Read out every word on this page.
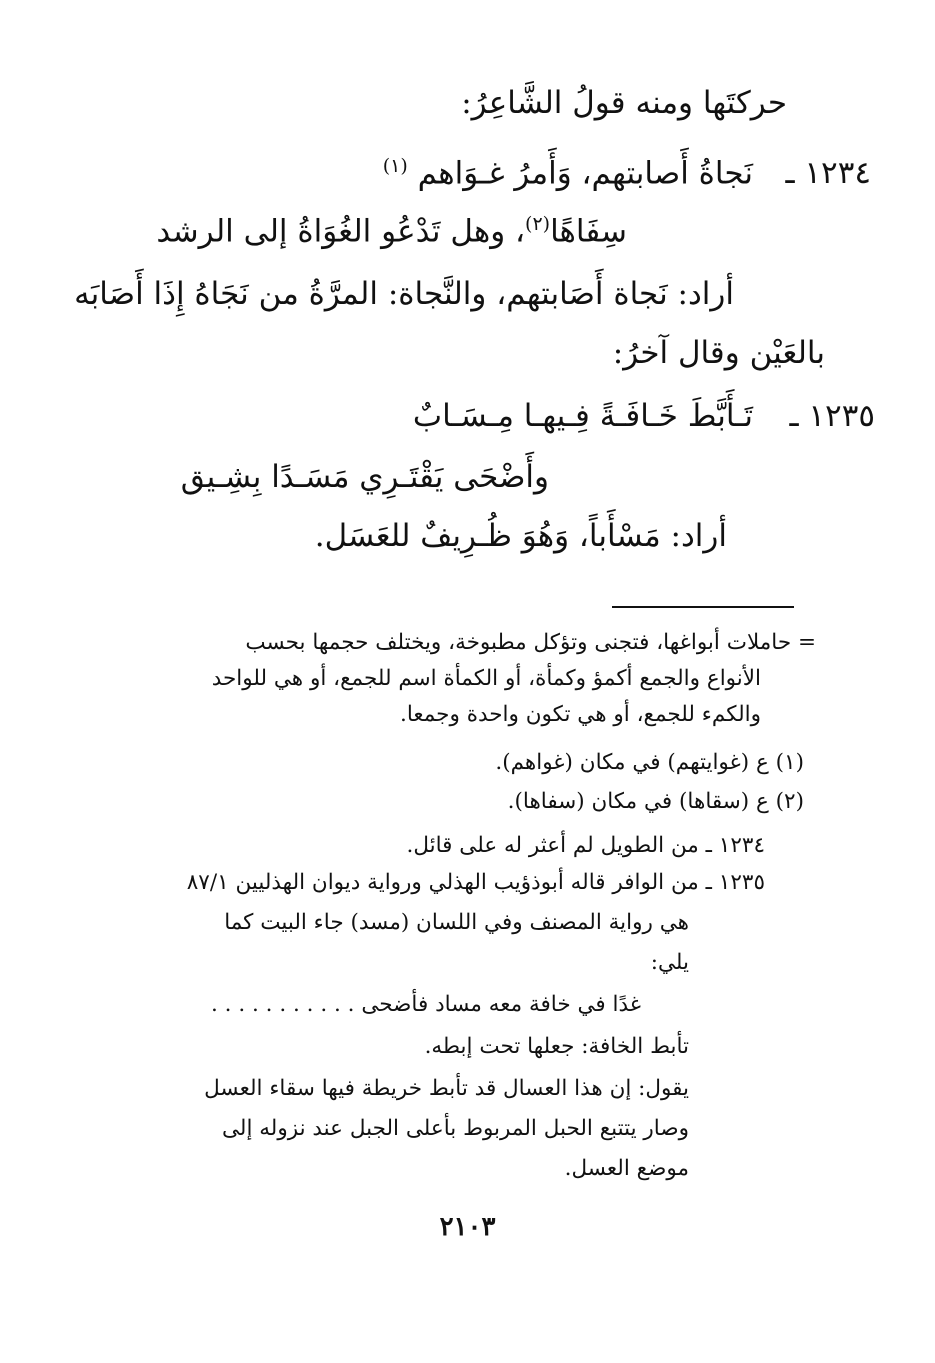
حركتَها ومنه قولُ الشَّاعِرُ:
١٢٣٤ ـ
نَجاةُ أَصابتهم، وَأَمرُ غـوَاهم $^{(١)}$
سِفَاهًا$^{(٢)}$، وهل تَدْعُو الغُوَاةُ إلى الرشد
أراد: نَجاة أَصَابتهم، والنَّجاة: المرَّةُ من نَجَاهُ إِذَا أَصَابَه
بالعَيْن وقال آخرُ:
١٢٣٥ ـ
تَـأَبَّطَ خَـافَـةً فِـيهـا مِـسَـابٌ
وأَضْحَى يَقْتَـرِي مَسَـدًا بِشِـيق
أراد: مَسْأَباً، وَهُوَ ظُـرِيفٌ للعَسَل.
= حاملات أبواغها، فتجنى وتؤكل مطبوخة، ويختلف حجمها بحسب
الأنواع والجمع أكمؤ وكمأة، أو الكمأة اسم للجمع، أو هي للواحد
والكمء للجمع، أو هي تكون واحدة وجمعا.
(١) ع (غوايتهم) في مكان (غواهم).
(٢) ع (سقاها) في مكان (سفاها).
١٢٣٤ ـ من الطويل لم أعثر له على قائل.
١٢٣٥ ـ من الوافر قاله أبوذؤيب الهذلي ورواية ديوان الهذليين ٨٧/١
هي رواية المصنف وفي اللسان (مسد) جاء البيت كما
يلي:
غدًا في خافة معه مساد فأضحى . . . . . . . . . . .
تأبط الخافة: جعلها تحت إبطه.
يقول: إن هذا العسال قد تأبط خريطة فيها سقاء العسل
وصار يتتبع الحبل المربوط بأعلى الجبل عند نزوله إلى
موضع العسل.
٢١٠٣
